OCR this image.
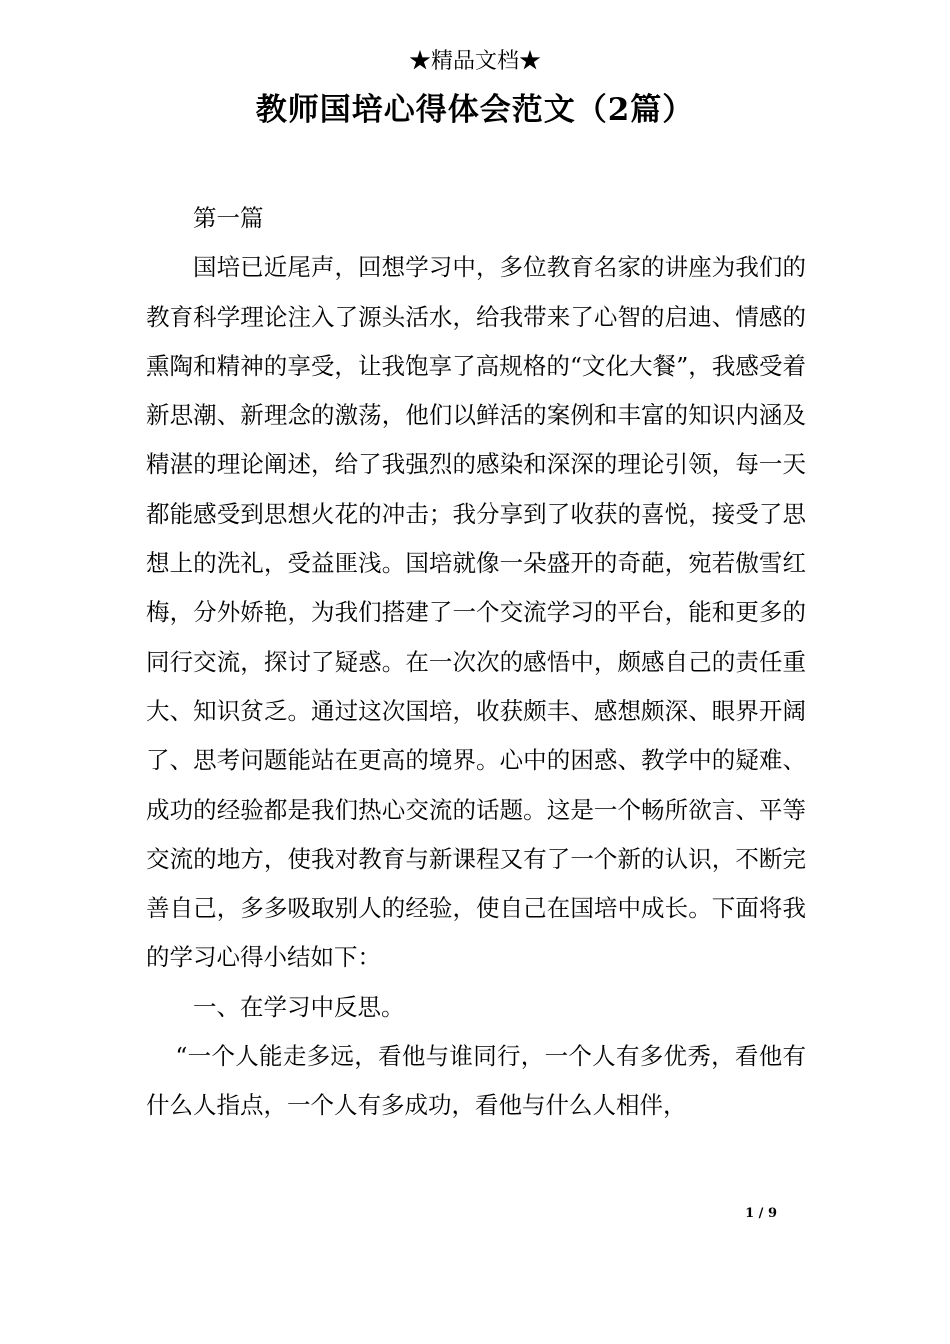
★精品文档★
教师国培心得体会范文（2篇）

第一篇

国培已近尾声，回想学习中，多位教育名家的讲座为我们的教育科学理论注入了源头活水，给我带来了心智的启迪、情感的熏陶和精神的享受，让我饱享了高规格的“文化大餐”，我感受着新思潮、新理念的激荡，他们以鲜活的案例和丰富的知识内涵及精湛的理论阐述，给了我强烈的感染和深深的理论引领，每一天都能感受到思想火花的冲击；我分享到了收获的喜悦，接受了思想上的洗礼，受益匪浅。国培就像一朵盛开的奇葩，宛若傲雪红梅，分外娇艳，为我们搭建了一个交流学习的平台，能和更多的同行交流，探讨了疑惑。在一次次的感悟中，颇感自己的责任重大、知识贫乏。通过这次国培，收获颇丰、感想颇深、眼界开阔了、思考问题能站在更高的境界。心中的困惑、教学中的疑难、成功的经验都是我们热心交流的话题。这是一个畅所欲言、平等交流的地方，使我对教育与新课程又有了一个新的认识，不断完善自己，多多吸取别人的经验，使自己在国培中成长。下面将我的学习心得小结如下：

一、在学习中反思。

“一个人能走多远，看他与谁同行，一个人有多优秀，看他有什么人指点，一个人有多成功，看他与什么人相伴，

1 / 9
